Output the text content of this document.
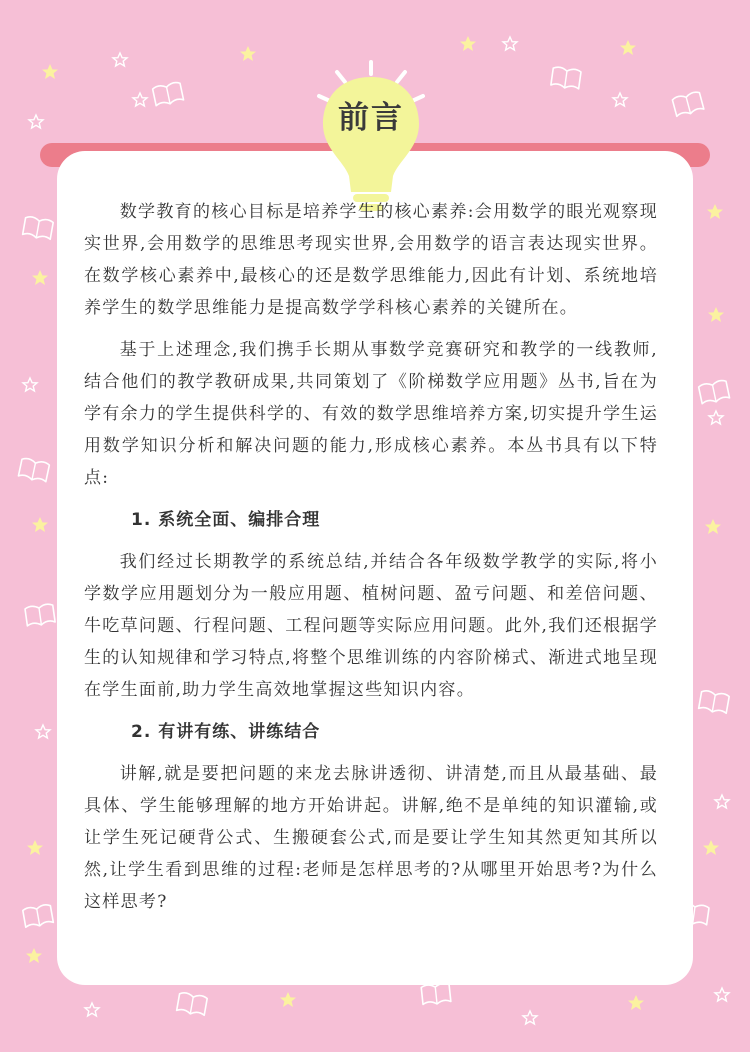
前言

数学教育的核心目标是培养学生的核心素养:会用数学的眼光观察现实世界,会用数学的思维思考现实世界,会用数学的语言表达现实世界。在数学核心素养中,最核心的还是数学思维能力,因此有计划、系统地培养学生的数学思维能力是提高数学学科核心素养的关键所在。

基于上述理念,我们携手长期从事数学竞赛研究和教学的一线教师,结合他们的教学教研成果,共同策划了《阶梯数学应用题》丛书,旨在为学有余力的学生提供科学的、有效的数学思维培养方案,切实提升学生运用数学知识分析和解决问题的能力,形成核心素养。本丛书具有以下特点:

1. 系统全面、编排合理

我们经过长期教学的系统总结,并结合各年级数学教学的实际,将小学数学应用题划分为一般应用题、植树问题、盈亏问题、和差倍问题、牛吃草问题、行程问题、工程问题等实际应用问题。此外,我们还根据学生的认知规律和学习特点,将整个思维训练的内容阶梯式、渐进式地呈现在学生面前,助力学生高效地掌握这些知识内容。

2. 有讲有练、讲练结合

讲解,就是要把问题的来龙去脉讲透彻、讲清楚,而且从最基础、最具体、学生能够理解的地方开始讲起。讲解,绝不是单纯的知识灌输,或让学生死记硬背公式、生搬硬套公式,而是要让学生知其然更知其所以然,让学生看到思维的过程:老师是怎样思考的?从哪里开始思考?为什么这样思考?
